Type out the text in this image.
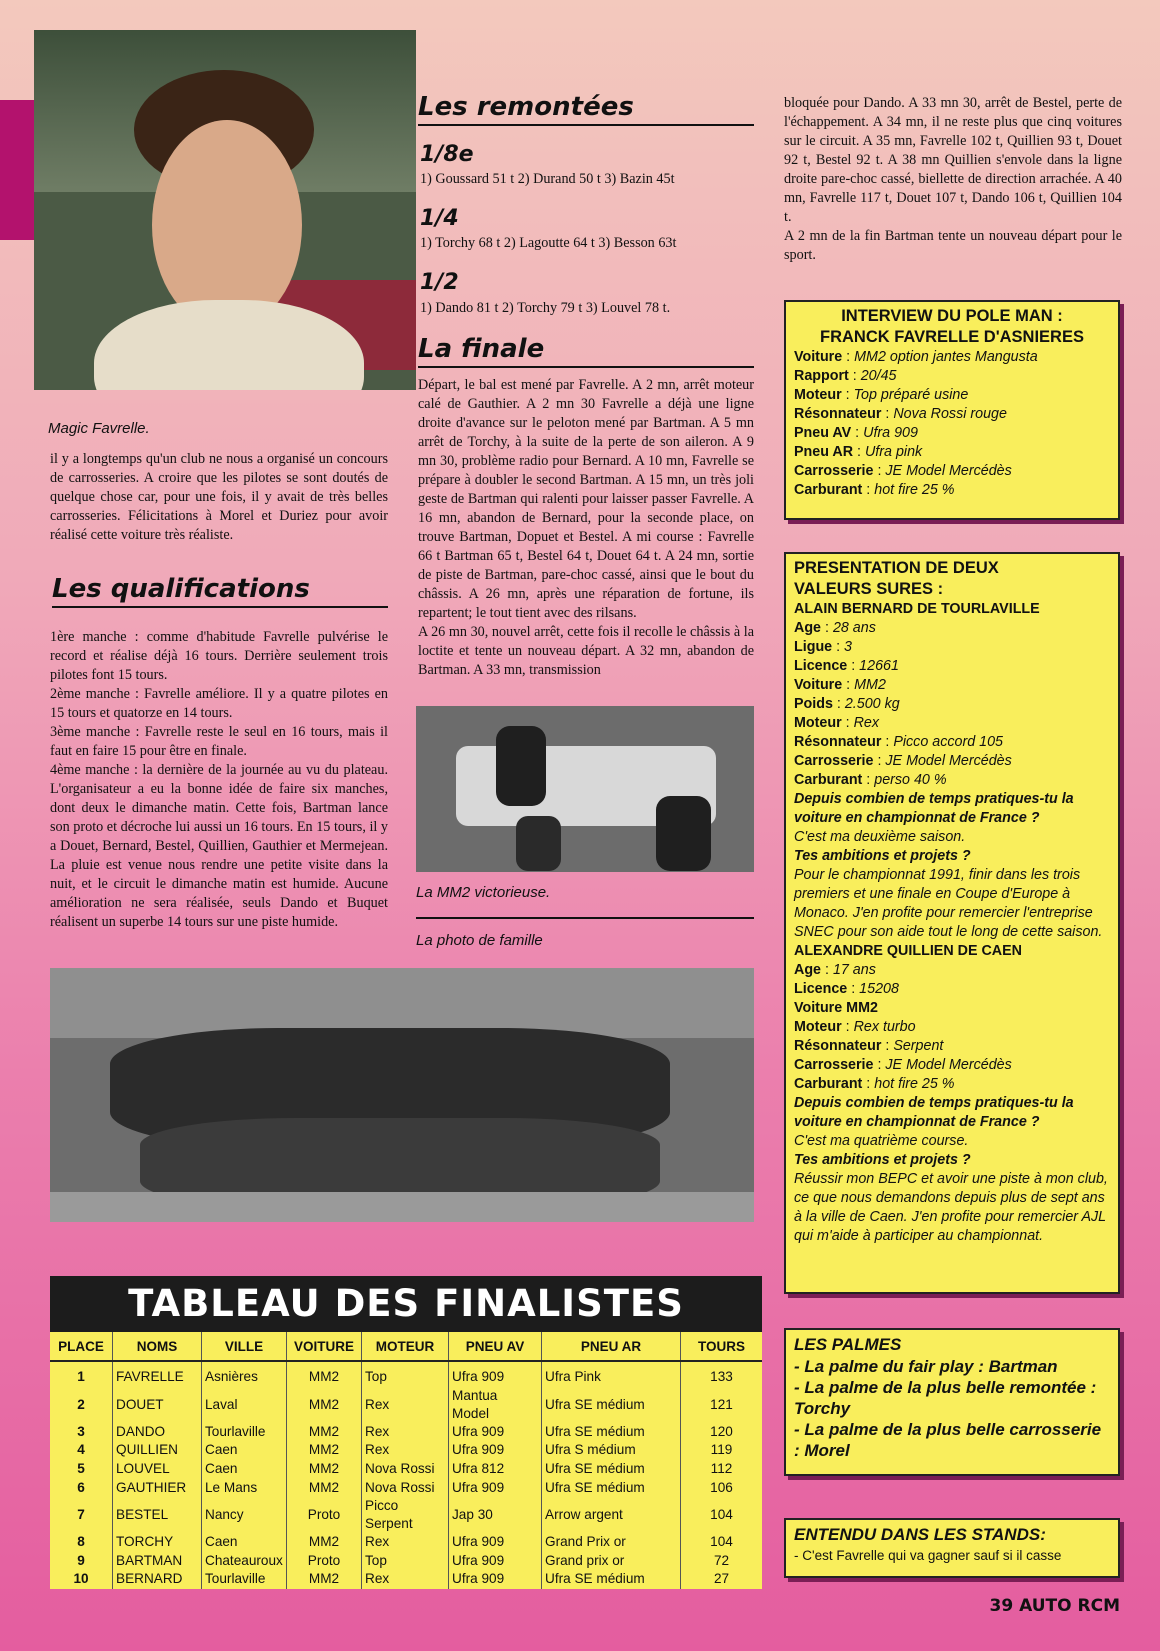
Magic Favrelle.

il y a longtemps qu'un club ne nous a organisé un concours de carrosseries. A croire que les pilotes se sont doutés de quelque chose car, pour une fois, il y avait de très belles carrosseries. Félicitations à Morel et Duriez pour avoir réalisé cette voiture très réaliste.

Les qualifications

1ère manche : comme d'habitude Favrelle pulvérise le record et réalise déjà 16 tours. Derrière seulement trois pilotes font 15 tours.

2ème manche : Favrelle améliore. Il y a quatre pilotes en 15 tours et quatorze en 14 tours.

3ème manche : Favrelle reste le seul en 16 tours, mais il faut en faire 15 pour être en finale.

4ème manche : la dernière de la journée au vu du plateau. L'organisateur a eu la bonne idée de faire six manches, dont deux le dimanche matin. Cette fois, Bartman lance son proto et décroche lui aussi un 16 tours. En 15 tours, il y a Douet, Bernard, Bestel, Quillien, Gauthier et Mermejean. La pluie est venue nous rendre une petite visite dans la nuit, et le circuit le dimanche matin est humide. Aucune amélioration ne sera réalisée, seuls Dando et Buquet réalisent un superbe 14 tours sur une piste humide.

Les remontées
1/8e
1) Goussard 51 t 2) Durand 50 t 3) Bazin 45t
1/4
1) Torchy 68 t 2) Lagoutte 64 t 3) Besson 63t
1/2
1) Dando 81 t 2) Torchy 79 t 3) Louvel 78 t.
La finale

Départ, le bal est mené par Favrelle. A 2 mn, arrêt moteur calé de Gauthier. A 2 mn 30 Favrelle a déjà une ligne droite d'avance sur le peloton mené par Bartman. A 5 mn arrêt de Torchy, à la suite de la perte de son aileron. A 9 mn 30, problème radio pour Bernard. A 10 mn, Favrelle se prépare à doubler le second Bartman. A 15 mn, un très joli geste de Bartman qui ralenti pour laisser passer Favrelle. A 16 mn, abandon de Bernard, pour la seconde place, on trouve Bartman, Dopuet et Bestel. A mi course : Favrelle 66 t Bartman 65 t, Bestel 64 t, Douet 64 t. A 24 mn, sortie de piste de Bartman, pare-choc cassé, ainsi que le bout du châssis. A 26 mn, après une réparation de fortune, ils repartent; le tout tient avec des rilsans.

A 26 mn 30, nouvel arrêt, cette fois il recolle le châssis à la loctite et tente un nouveau départ. A 32 mn, abandon de Bartman. A 33 mn, transmission

La MM2 victorieuse.
La photo de famille

bloquée pour Dando. A 33 mn 30, arrêt de Bestel, perte de l'échappement. A 34 mn, il ne reste plus que cinq voitures sur le circuit. A 35 mn, Favrelle 102 t, Quillien 93 t, Douet 92 t, Bestel 92 t. A 38 mn Quillien s'envole dans la ligne droite pare-choc cassé, biellette de direction arrachée. A 40 mn, Favrelle 117 t, Douet 107 t, Dando 106 t, Quillien 104 t.

A 2 mn de la fin Bartman tente un nouveau départ pour le sport.

INTERVIEW DU POLE MAN :
FRANCK FAVRELLE D'ASNIERES
Voiture : MM2 option jantes Mangusta
Rapport : 20/45
Moteur : Top préparé usine
Résonnateur : Nova Rossi rouge
Pneu AV : Ufra 909
Pneu AR : Ufra pink
Carrosserie : JE Model Mercédès
Carburant : hot fire 25 %
PRESENTATION DE DEUX
VALEURS SURES :
ALAIN BERNARD DE TOURLAVILLE
Age : 28 ans
Ligue : 3
Licence : 12661
Voiture : MM2
Poids : 2.500 kg
Moteur : Rex
Résonnateur : Picco accord 105
Carrosserie : JE Model Mercédès
Carburant : perso 40 %
Depuis combien de temps pratiques-tu la voiture en championnat de France ?
C'est ma deuxième saison.
Tes ambitions et projets ?
Pour le championnat 1991, finir dans les trois premiers et une finale en Coupe d'Europe à Monaco. J'en profite pour remercier l'entreprise SNEC pour son aide tout le long de cette saison.
ALEXANDRE QUILLIEN DE CAEN
Age : 17 ans
Licence : 15208
Voiture MM2
Moteur : Rex turbo
Résonnateur : Serpent
Carrosserie : JE Model Mercédès
Carburant : hot fire 25 %
Depuis combien de temps pratiques-tu la voiture en championnat de France ?
C'est ma quatrième course.
Tes ambitions et projets ?
Réussir mon BEPC et avoir une piste à mon club, ce que nous demandons depuis plus de sept ans à la ville de Caen. J'en profite pour remercier AJL qui m'aide à participer au championnat.
LES PALMES
- La palme du fair play : Bartman
- La palme de la plus belle remontée : Torchy
- La palme de la plus belle carrosserie : Morel
ENTENDU DANS LES STANDS:
- C'est Favrelle qui va gagner sauf si il casse
TABLEAU DES FINALISTES
PLACE	NOMS	VILLE	VOITURE	MOTEUR	PNEU AV	PNEU AR	TOURS
1	FAVRELLE	Asnières	MM2	Top	Ufra 909	Ufra Pink	133
2	DOUET	Laval	MM2	Rex	Mantua Model	Ufra SE médium	121
3	DANDO	Tourlaville	MM2	Rex	Ufra 909	Ufra SE médium	120
4	QUILLIEN	Caen	MM2	Rex	Ufra 909	Ufra S médium	119
5	LOUVEL	Caen	MM2	Nova Rossi	Ufra 812	Ufra SE médium	112
6	GAUTHIER	Le Mans	MM2	Nova Rossi	Ufra 909	Ufra SE médium	106
7	BESTEL	Nancy	Proto	Picco Serpent	Jap 30	Arrow argent	104
8	TORCHY	Caen	MM2	Rex	Ufra 909	Grand Prix or	104
9	BARTMAN	Chateauroux	Proto	Top	Ufra 909	Grand prix or	72
10	BERNARD	Tourlaville	MM2	Rex	Ufra 909	Ufra SE médium	27
39 AUTO RCM
